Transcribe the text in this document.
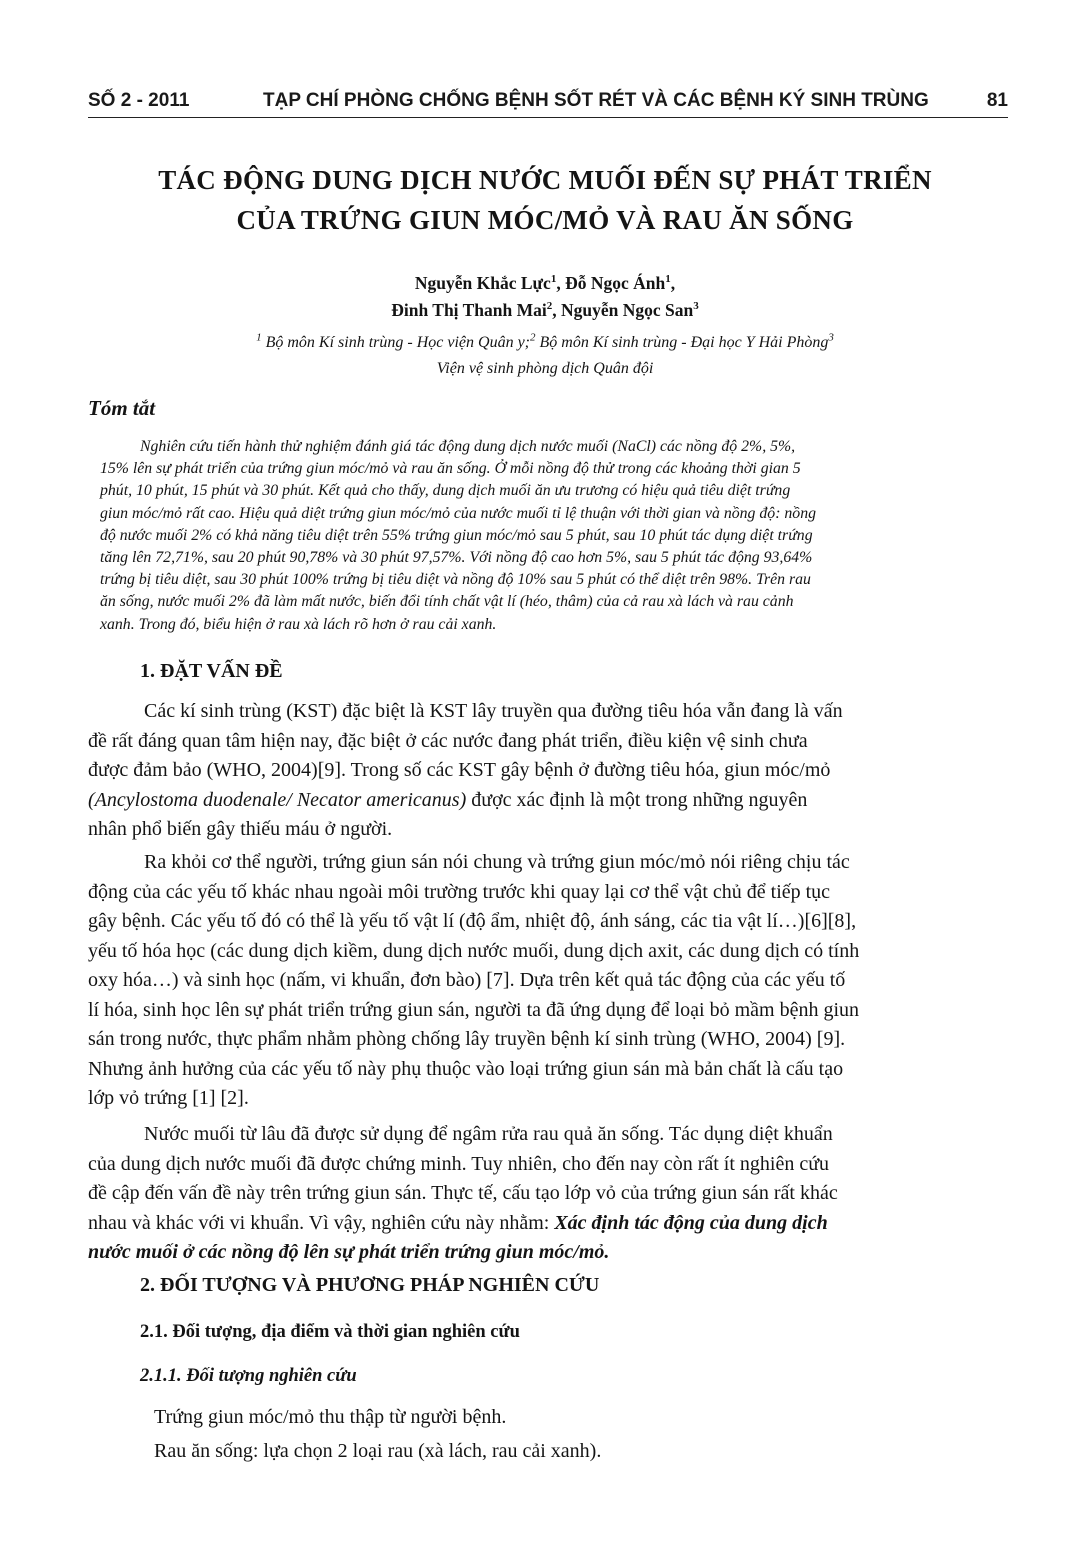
SỐ 2 - 2011	TẠP CHÍ PHÒNG CHỐNG BỆNH SỐT RÉT VÀ CÁC BỆNH KÝ SINH TRÙNG	81
TÁC ĐỘNG DUNG DỊCH NƯỚC MUỐI ĐẾN SỰ PHÁT TRIỂN
CỦA TRỨNG GIUN MÓC/MỎ VÀ RAU ĂN SỐNG
Nguyễn Khắc Lực$^1$, Đỗ Ngọc Ánh$^1$,
Đinh Thị Thanh Mai$^2$, Nguyễn Ngọc San$^3$
$^1$ Bộ môn Kí sinh trùng - Học viện Quân y;$^2$ Bộ môn Kí sinh trùng - Đại học Y Hải Phòng$^3$
Viện vệ sinh phòng dịch Quân đội
Tóm tắt
Nghiên cứu tiến hành thử nghiệm đánh giá tác động dung dịch nước muối (NaCl) các nồng độ 2%, 5%,
15% lên sự phát triển của trứng giun móc/mỏ và rau ăn sống. Ở mỗi nồng độ thử trong các khoảng thời gian 5
phút, 10 phút, 15 phút và 30 phút. Kết quả cho thấy, dung dịch muối ăn ưu trương có hiệu quả tiêu diệt trứng
giun móc/mỏ rất cao. Hiệu quả diệt trứng giun móc/mỏ của nước muối tỉ lệ thuận với thời gian và nồng độ: nồng
độ nước muối 2% có khả năng tiêu diệt trên 55% trứng giun móc/mỏ sau 5 phút, sau 10 phút tác dụng diệt trứng
tăng lên 72,71%, sau 20 phút 90,78% và 30 phút 97,57%. Với nồng độ cao hơn 5%, sau 5 phút tác động 93,64%
trứng bị tiêu diệt, sau 30 phút 100% trứng bị tiêu diệt và nồng độ 10% sau 5 phút có thể diệt trên 98%. Trên rau
ăn sống, nước muối 2% đã làm mất nước, biến đổi tính chất vật lí (héo, thâm) của cả rau xà lách và rau cảnh
xanh. Trong đó, biểu hiện ở rau xà lách rõ hơn ở rau cải xanh.
1. ĐẶT VẤN ĐỀ
Các kí sinh trùng (KST) đặc biệt là KST lây truyền qua đường tiêu hóa vẫn đang là vấn
đề rất đáng quan tâm hiện nay, đặc biệt ở các nước đang phát triển, điều kiện vệ sinh chưa
được đảm bảo (WHO, 2004)[9]. Trong số các KST gây bệnh ở đường tiêu hóa, giun móc/mỏ
(Ancylostoma duodenale/ Necator americanus) được xác định là một trong những nguyên
nhân phổ biến gây thiếu máu ở người.
Ra khỏi cơ thể người, trứng giun sán nói chung và trứng giun móc/mỏ nói riêng chịu tác
động của các yếu tố khác nhau ngoài môi trường trước khi quay lại cơ thể vật chủ để tiếp tục
gây bệnh. Các yếu tố đó có thể là yếu tố vật lí (độ ẩm, nhiệt độ, ánh sáng, các tia vật lí…)[6][8],
yếu tố hóa học (các dung dịch kiềm, dung dịch nước muối, dung dịch axit, các dung dịch có tính
oxy hóa…) và sinh học (nấm, vi khuẩn, đơn bào) [7]. Dựa trên kết quả tác động của các yếu tố
lí hóa, sinh học lên sự phát triển trứng giun sán, người ta đã ứng dụng để loại bỏ mầm bệnh giun
sán trong nước, thực phẩm nhằm phòng chống lây truyền bệnh kí sinh trùng (WHO, 2004) [9].
Nhưng ảnh hưởng của các yếu tố này phụ thuộc vào loại trứng giun sán mà bản chất là cấu tạo
lớp vỏ trứng [1] [2].
Nước muối từ lâu đã được sử dụng để ngâm rửa rau quả ăn sống. Tác dụng diệt khuẩn
của dung dịch nước muối đã được chứng minh. Tuy nhiên, cho đến nay còn rất ít nghiên cứu
đề cập đến vấn đề này trên trứng giun sán. Thực tế, cấu tạo lớp vỏ của trứng giun sán rất khác
nhau và khác với vi khuẩn. Vì vậy, nghiên cứu này nhằm: Xác định tác động của dung dịch
nước muối ở các nồng độ lên sự phát triển trứng giun móc/mỏ.
2. ĐỐI TƯỢNG VÀ PHƯƠNG PHÁP NGHIÊN CỨU
2.1. Đối tượng, địa điểm và thời gian nghiên cứu
2.1.1. Đối tượng nghiên cứu
Trứng giun móc/mỏ thu thập từ người bệnh.
Rau ăn sống: lựa chọn 2 loại rau (xà lách, rau cải xanh).
